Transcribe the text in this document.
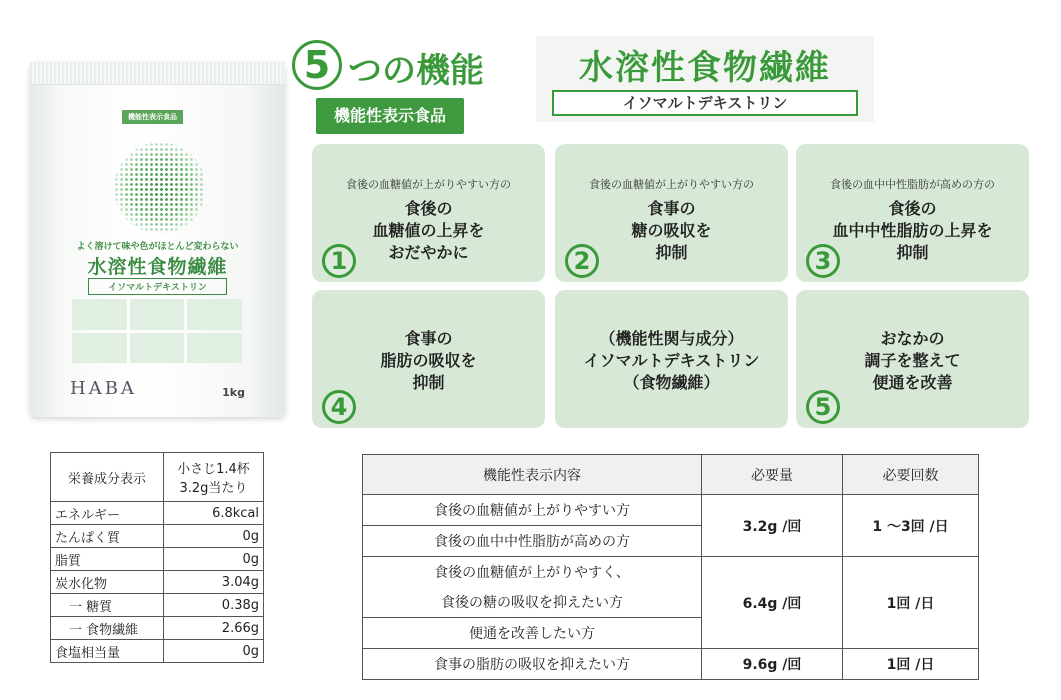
機能性表示食品
よく溶けて味や色がほとんど変わらない
水溶性食物繊維
イソマルトデキストリン
HABA	1kg
5 つの機能
機能性表示食品
水溶性食物繊維
イソマルトデキストリン
食後の血糖値が上がりやすい方の
食後の
血糖値の上昇を
おだやかに
1
食後の血糖値が上がりやすい方の
食事の
糖の吸収を
抑制
2
食後の血中中性脂肪が高めの方の
食後の
血中中性脂肪の上昇を
抑制
3
食事の
脂肪の吸収を
抑制
4
（機能性関与成分）
イソマルトデキストリン
（食物繊維）
おなかの
調子を整えて
便通を改善
5
栄養成分表示	小さじ1.4杯
3.2g当たり

エネルギー	6.8kcal
たんぱく質	0g
脂質	0g
炭水化物	3.04g
一 糖質	0.38g
一 食物繊維	2.66g
食塩相当量	0g
機能性表示内容	必要量	必要回数
食後の血糖値が上がりやすい方	3.2g /回	1 ～3回 /日
食後の血中中性脂肪が高めの方		
食後の血糖値が上がりやすく、	6.4g /回	1回 /日
食後の糖の吸収を抑えたい方		
便通を改善したい方		
食事の脂肪の吸収を抑えたい方	9.6g /回	1回 /日
